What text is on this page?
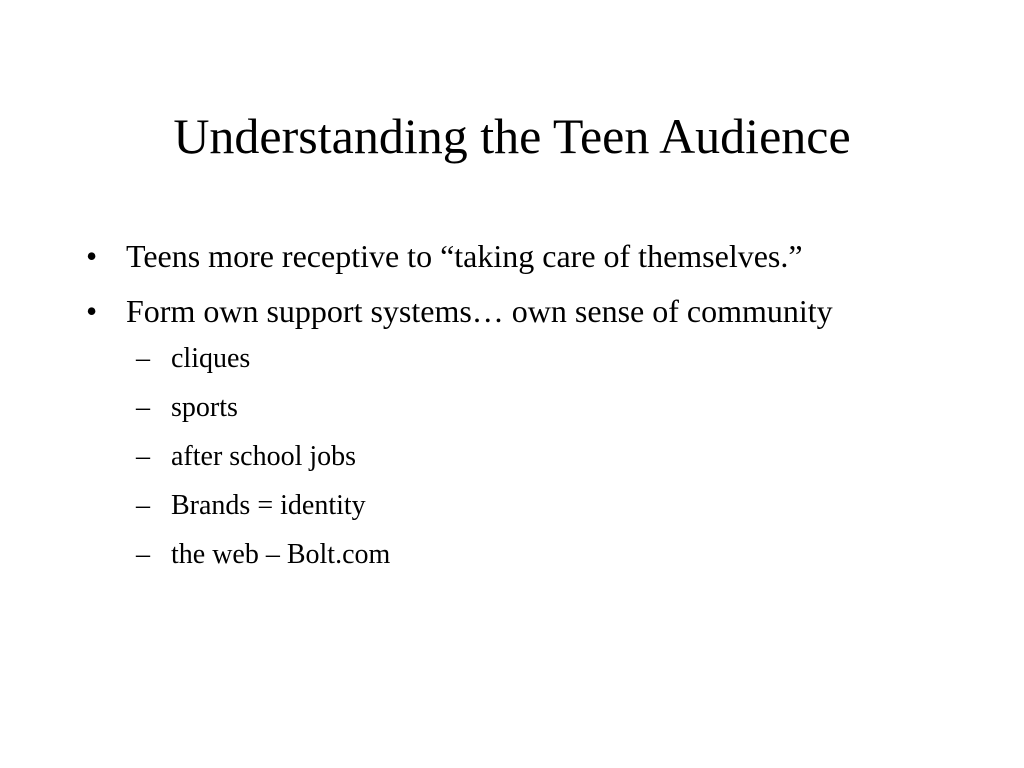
Understanding the Teen Audience
• Teens more receptive to “taking care of themselves.”
• Form own support systems… own sense of community
– cliques
– sports
– after school jobs
– Brands = identity
– the web – Bolt.com
